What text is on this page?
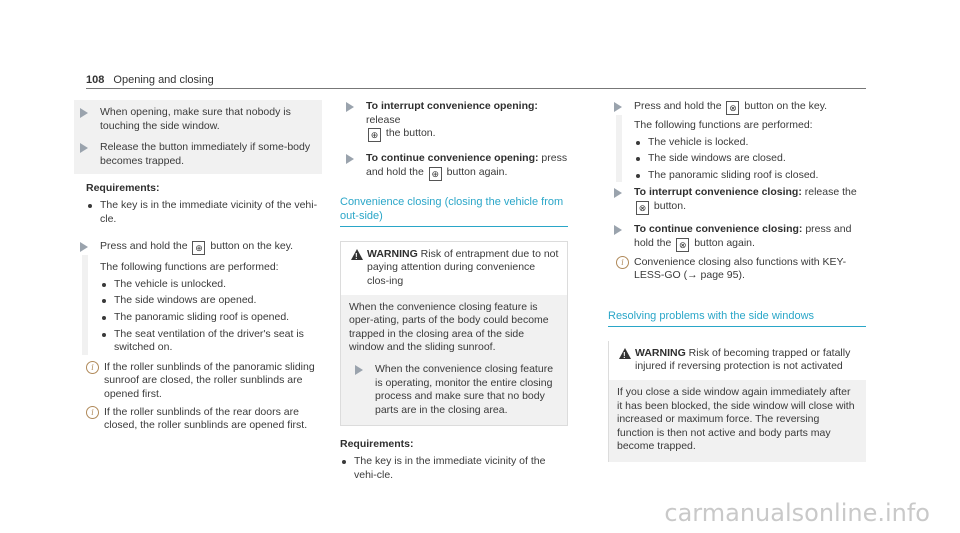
108 Opening and closing
When opening, make sure that nobody is touching the side window.
Release the button immediately if some-body becomes trapped.
Requirements:
The key is in the immediate vicinity of the vehi-cle.
Press and hold the ⊕ button on the key.
The following functions are performed:
The vehicle is unlocked.
The side windows are opened.
The panoramic sliding roof is opened.
The seat ventilation of the driver's seat is switched on.
i If the roller sunblinds of the panoramic sliding sunroof are closed, the roller sunblinds are opened first.
i If the roller sunblinds of the rear doors are closed, the roller sunblinds are opened first.
To interrupt convenience opening: release
⊕ the button.
To continue convenience opening: press and hold the ⊕ button again.
Convenience closing (closing the vehicle from out-side)
!
WARNING Risk of entrapment due to not paying attention during convenience clos-ing
When the convenience closing feature is oper-ating, parts of the body could become trapped in the closing area of the side window and the sliding sunroof.
When the convenience closing feature is operating, monitor the entire closing process and make sure that no body parts are in the closing area.
Requirements:
The key is in the immediate vicinity of the vehi-cle.
Press and hold the ⊗ button on the key.
The following functions are performed:
The vehicle is locked.
The side windows are closed.
The panoramic sliding roof is closed.
To interrupt convenience closing: release the
⊗ button.
To continue convenience closing: press and hold the ⊗ button again.
i Convenience closing also functions with KEY-LESS-GO (→ page 95).
Resolving problems with the side windows
!
WARNING Risk of becoming trapped or fatally injured if reversing protection is not activated
If you close a side window again immediately after it has been blocked, the side window will close with increased or maximum force. The reversing function is then not active and body parts may become trapped.
carmanualsonline.info
